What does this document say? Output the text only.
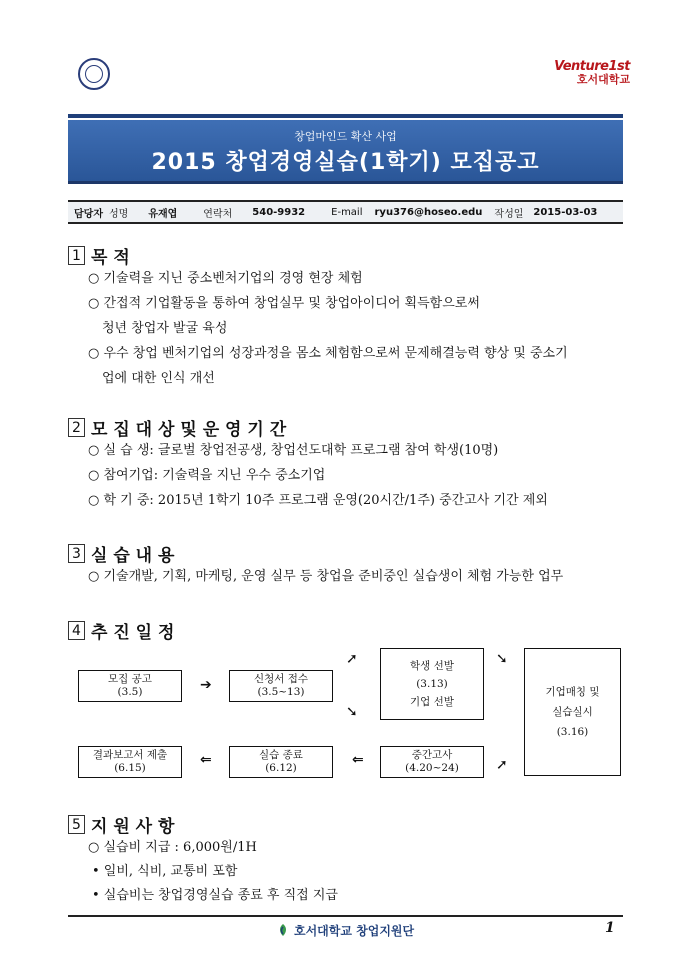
Venture1st
호서대학교
창업마인드 확산 사업
2015 창업경영실습(1학기) 모집공고
담당자 성명 유재엽	연락처 540-9932	E-mail ryu376@hoseo.edu 작성일 2015-03-03
1 목 적
○ 기술력을 지닌 중소벤처기업의 경영 현장 체험
○ 간접적 기업활동을 통하여 창업실무 및 창업아이디어 획득함으로써
청년 창업자 발굴 육성
○ 우수 창업 벤처기업의 성장과정을 몸소 체험함으로써 문제해결능력 향상 및 중소기
업에 대한 인식 개선
2 모 집 대 상 및 운 영 기 간
○ 실 습 생: 글로벌 창업전공생, 창업선도대학 프로그램 참여 학생(10명)
○ 참여기업: 기술력을 지닌 우수 중소기업
○ 학 기 중: 2015년 1학기 10주 프로그램 운영(20시간/1주) 중간고사 기간 제외
3 실 습 내 용
○ 기술개발, 기획, 마케팅, 운영 실무 등 창업을 준비중인 실습생이 체험 가능한 업무
4 추 진 일 정
모집 공고
(3.5)	➔	신청서 접수
(3.5~13)
➚
➘
학생 선발
(3.13)
기업 선발
➘
➚
기업매칭 및
실습실시
(3.16)
중간고사
(4.20~24)
⇐
실습 종료
(6.12)
⇐
결과보고서 제출
(6.15)
5 지 원 사 항
○ 실습비 지급 : 6,000원/1H
• 일비, 식비, 교통비 포함
• 실습비는 창업경영실습 종료 후 직접 지급
호서대학교 창업지원단	1
